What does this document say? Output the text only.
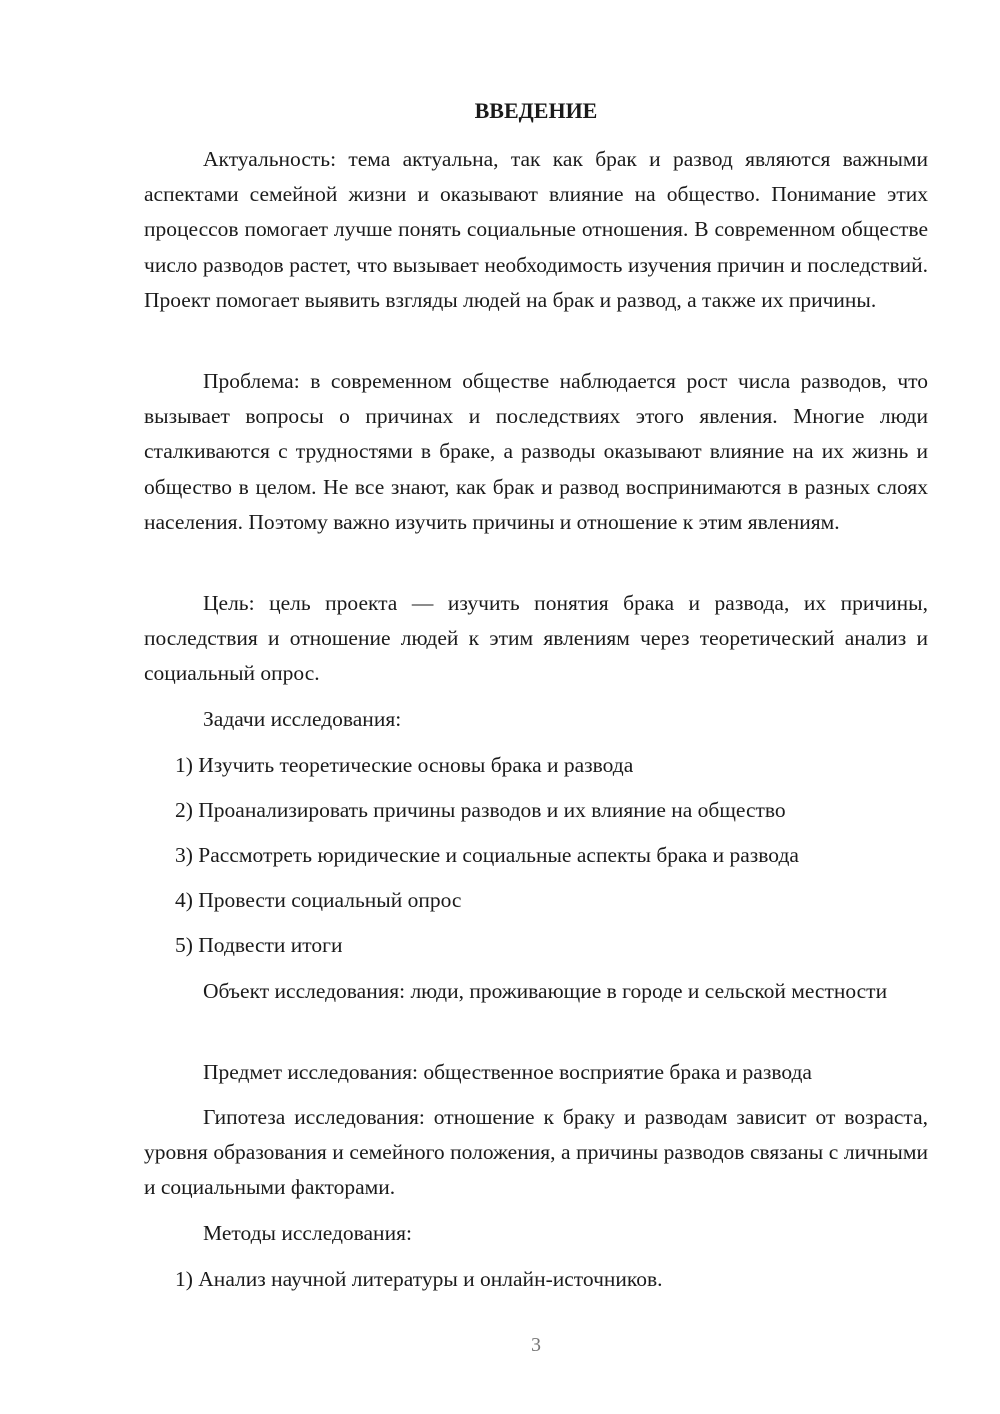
ВВЕДЕНИЕ

Актуальность: тема актуальна, так как брак и развод являются важными аспектами семейной жизни и оказывают влияние на общество. Понимание этих процессов помогает лучше понять социальные отношения. В современном обществе число разводов растет, что вызывает необходимость изучения причин и последствий. Проект помогает выявить взгляды людей на брак и развод, а также их причины.

Проблема: в современном обществе наблюдается рост числа разводов, что вызывает вопросы о причинах и последствиях этого явления. Многие люди сталкиваются с трудностями в браке, а разводы оказывают влияние на их жизнь и общество в целом. Не все знают, как брак и развод воспринимаются в разных слоях населения. Поэтому важно изучить причины и отношение к этим явлениям.

Цель: цель проекта — изучить понятия брака и развода, их причины, последствия и отношение людей к этим явлениям через теоретический анализ и социальный опрос.

Задачи исследования:

1) Изучить теоретические основы брака и развода

2) Проанализировать причины разводов и их влияние на общество

3) Рассмотреть юридические и социальные аспекты брака и развода

4) Провести социальный опрос

5) Подвести итоги

Объект исследования: люди, проживающие в городе и сельской местности

Предмет исследования: общественное восприятие брака и развода

Гипотеза исследования: отношение к браку и разводам зависит от возраста, уровня образования и семейного положения, а причины разводов связаны с личными и социальными факторами.

Методы исследования:

1) Анализ научной литературы и онлайн-источников.

3
